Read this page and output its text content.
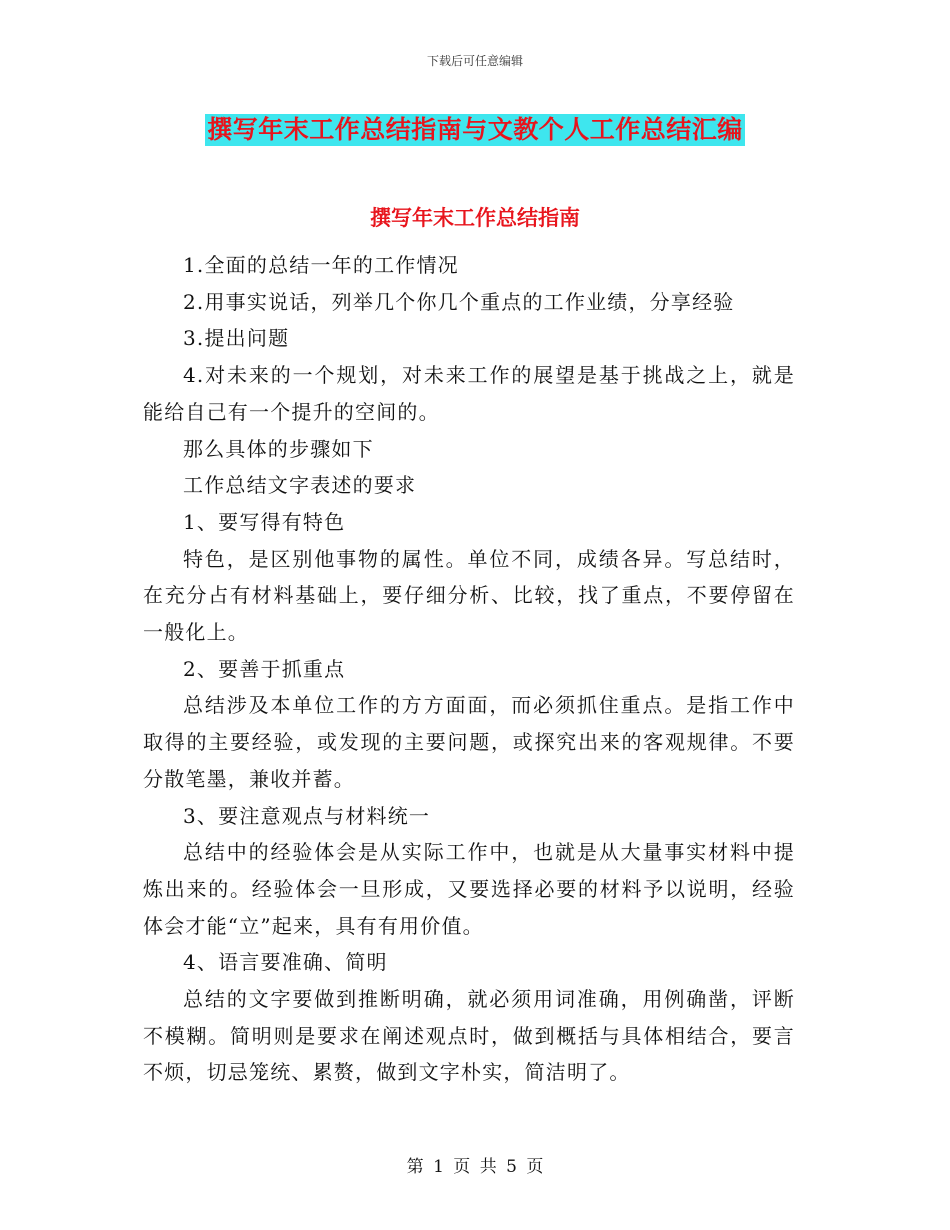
下载后可任意编辑
撰写年末工作总结指南与文教个人工作总结汇编
撰写年末工作总结指南

1.全面的总结一年的工作情况

2.用事实说话，列举几个你几个重点的工作业绩，分享经验

3.提出问题

4.对未来的一个规划，对未来工作的展望是基于挑战之上，就是能给自己有一个提升的空间的。

那么具体的步骤如下

工作总结文字表述的要求

1、要写得有特色

特色，是区别他事物的属性。单位不同，成绩各异。写总结时，在充分占有材料基础上，要仔细分析、比较，找了重点，不要停留在一般化上。

2、要善于抓重点

总结涉及本单位工作的方方面面，而必须抓住重点。是指工作中取得的主要经验，或发现的主要问题，或探究出来的客观规律。不要分散笔墨，兼收并蓄。

3、要注意观点与材料统一

总结中的经验体会是从实际工作中，也就是从大量事实材料中提炼出来的。经验体会一旦形成，又要选择必要的材料予以说明，经验体会才能“立”起来，具有有用价值。

4、语言要准确、简明

总结的文字要做到推断明确，就必须用词准确，用例确凿，评断不模糊。简明则是要求在阐述观点时，做到概括与具体相结合，要言不烦，切忌笼统、累赘，做到文字朴实，简洁明了。

第 1 页 共 5 页
